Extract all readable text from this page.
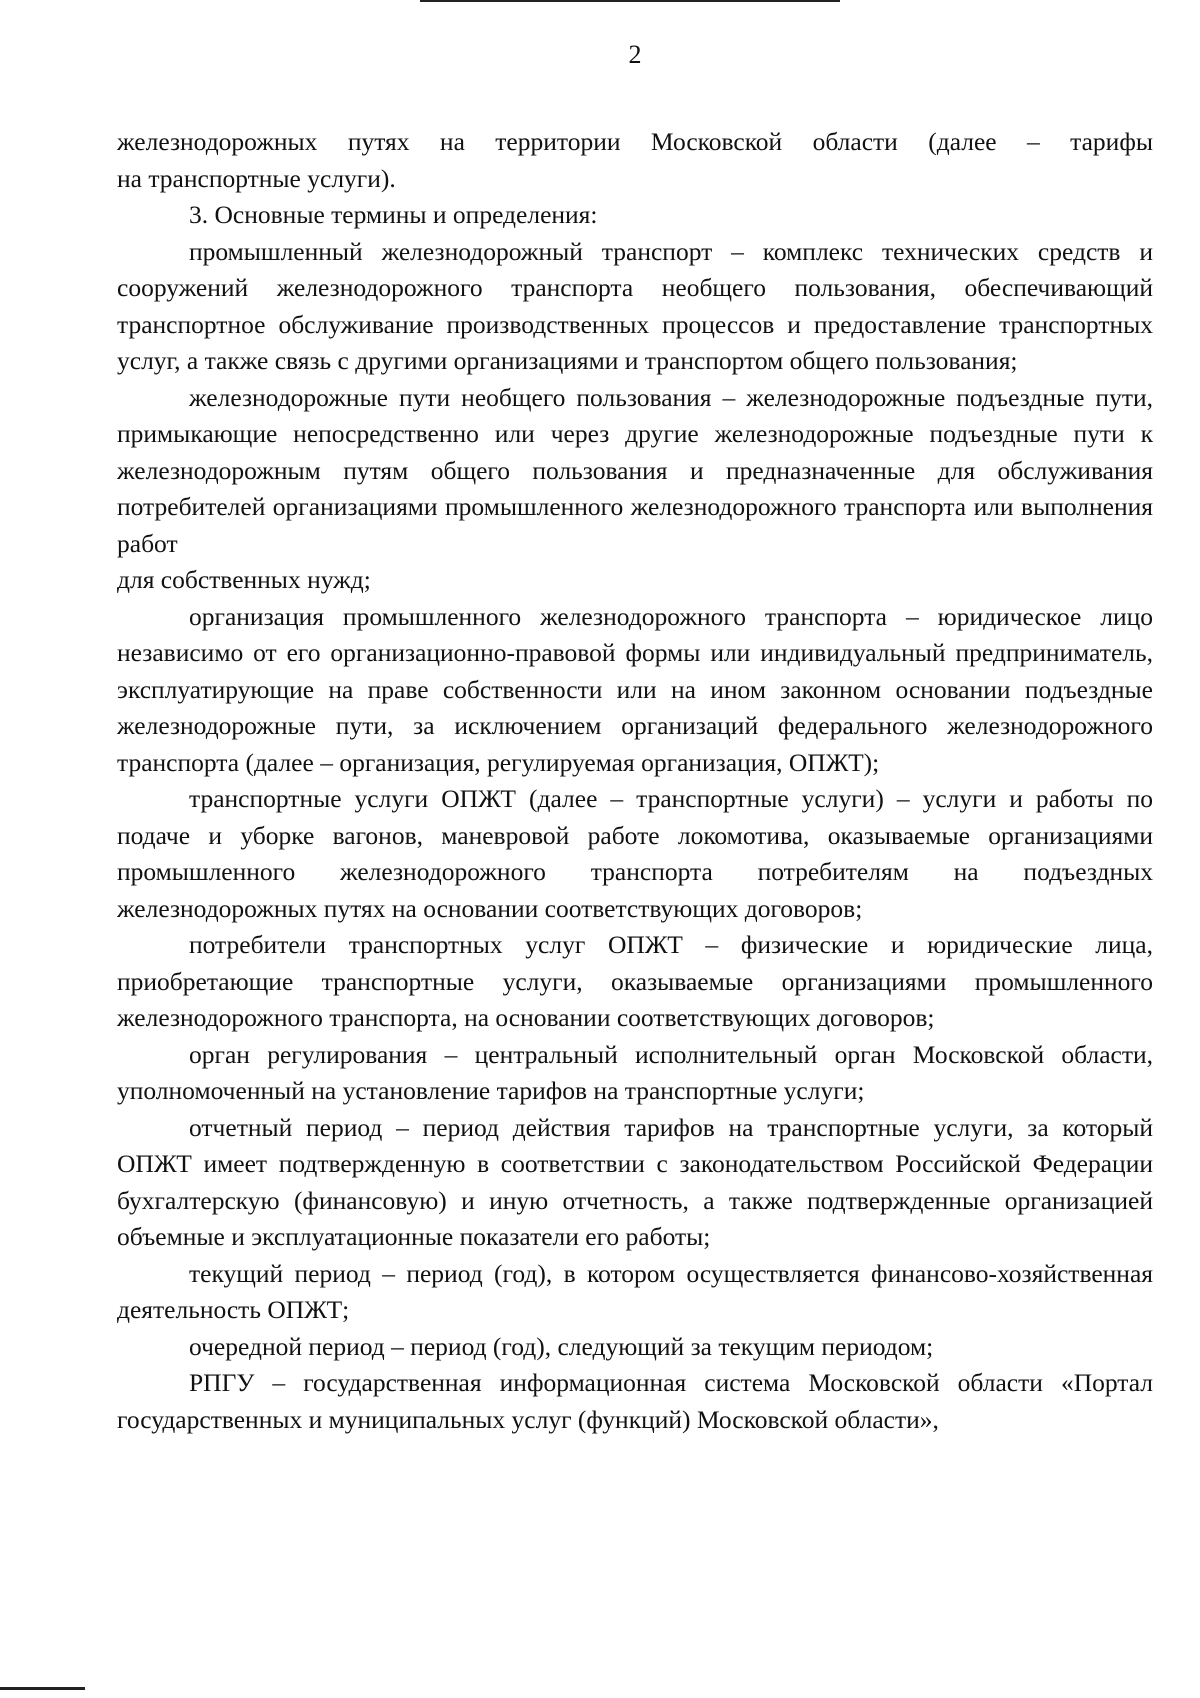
2

железнодорожных путях на территории Московской области (далее – тарифы

на транспортные услуги).

3. Основные термины и определения:

промышленный железнодорожный транспорт – комплекс технических средств и сооружений железнодорожного транспорта необщего пользования, обеспечивающий транспортное обслуживание производственных процессов и предоставление транспортных услуг, а также связь с другими организациями и транспортом общего пользования;

железнодорожные пути необщего пользования – железнодорожные подъездные пути, примыкающие непосредственно или через другие железнодорожные подъездные пути к железнодорожным путям общего пользования и предназначенные для обслуживания потребителей организациями промышленного железнодорожного транспорта или выполнения работ

для собственных нужд;

организация промышленного железнодорожного транспорта – юридическое лицо независимо от его организационно-правовой формы или индивидуальный предприниматель, эксплуатирующие на праве собственности или на ином законном основании подъездные железнодорожные пути, за исключением организаций федерального железнодорожного транспорта (далее – организация, регулируемая организация, ОПЖТ);

транспортные услуги ОПЖТ (далее – транспортные услуги) – услуги и работы по подаче и уборке вагонов, маневровой работе локомотива, оказываемые организациями промышленного железнодорожного транспорта потребителям на подъездных железнодорожных путях на основании соответствующих договоров;

потребители транспортных услуг ОПЖТ – физические и юридические лица, приобретающие транспортные услуги, оказываемые организациями промышленного железнодорожного транспорта, на основании соответствующих договоров;

орган регулирования – центральный исполнительный орган Московской области, уполномоченный на установление тарифов на транспортные услуги;

отчетный период – период действия тарифов на транспортные услуги, за который ОПЖТ имеет подтвержденную в соответствии с законодательством Российской Федерации бухгалтерскую (финансовую) и иную отчетность, а также подтвержденные организацией объемные и эксплуатационные показатели его работы;

текущий период – период (год), в котором осуществляется финансово-хозяйственная деятельность ОПЖТ;

очередной период – период (год), следующий за текущим периодом;

РПГУ – государственная информационная система Московской области «Портал государственных и муниципальных услуг (функций) Московской области»,
